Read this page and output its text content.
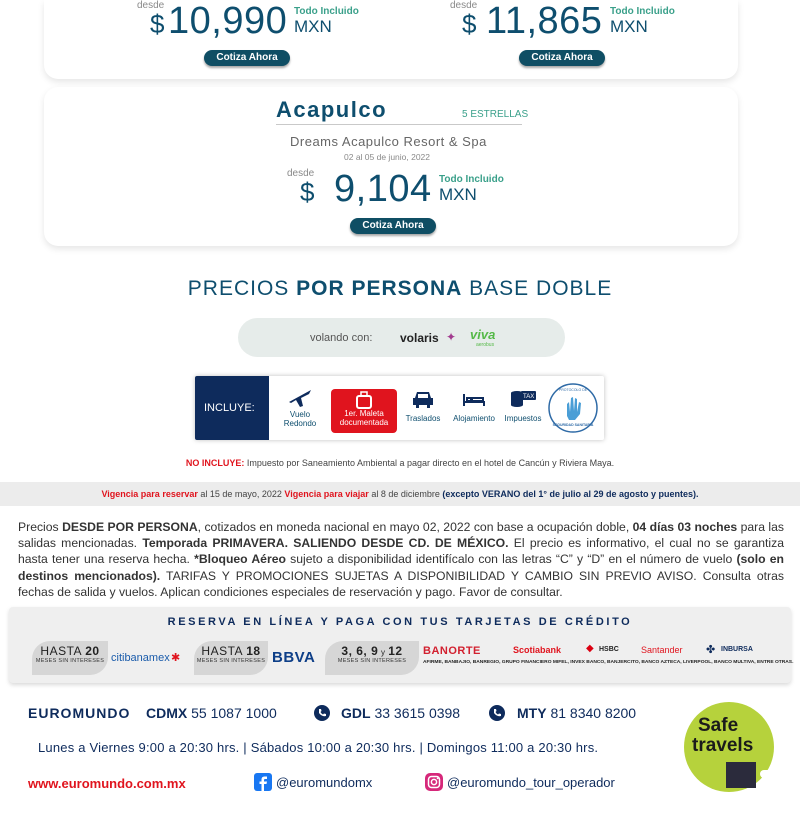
desde
$ 10,990 Todo Incluido
MXN
Cotiza Ahora
desde
$ 11,865 Todo Incluido
MXN
Cotiza Ahora
Acapulco	5 ESTRELLAS
Dreams Acapulco Resort & Spa
02 al 05 de junio, 2022
desde
$ 9,104 Todo Incluido
MXN
Cotiza Ahora
PRECIOS POR PERSONA BASE DOBLE
volando con: volaris ✦ viva
aerobus
INCLUYE:
Vuelo
Redondo
1er. Maleta
documentada	Traslados	Alojamiento
TAX
Impuestos
PROTOCOLO DE
SEGURIDAD SANITARIA
NO INCLUYE: Impuesto por Saneamiento Ambiental a pagar directo en el hotel de Cancún y Riviera Maya.
Vigencia para reservar al 15 de mayo, 2022 Vigencia para viajar al 8 de diciembre (excepto VERANO del 1° de julio al 29 de agosto y puentes).
Precios DESDE POR PERSONA, cotizados en moneda nacional en mayo 02, 2022 con base a ocupación doble, 04 días 03 noches para las salidas mencionadas. Temporada PRIMAVERA. SALIENDO DESDE CD. DE MÉXICO. El precio es informativo, el cual no se garantiza hasta tener una reserva hecha. *Bloqueo Aéreo sujeto a disponibilidad identifícalo con las letras “C” y “D” en el número de vuelo (solo en destinos mencionados). TARIFAS Y PROMOCIONES SUJETAS A DISPONIBILIDAD Y CAMBIO SIN PREVIO AVISO. Consulta otras fechas de salida y vuelos. Aplican condiciones especiales de reservación y pago. Favor de consultar.
RESERVA EN LÍNEA Y PAGA CON TUS TARJETAS DE CRÉDITO
HASTA 20
MESES SIN INTERESES citibanamex ✱	HASTA 18
MESES SIN INTERESES BBVA	3, 6, 9 y 12
MESES SIN INTERESES
BANORTE	Scotiabank ◆ HSBC Santander ✤ INBURSA
AFIRME, BANBAJIO, BANREGIO, GRUPO FINANCIERO MIFEL, INVEX BANCO, BANJERCITO, BANCO AZTECA, LIVERPOOL, BANCO MULTIVA, ENTRE OTRAS.
EUROMUNDO CDMX 55 1087 1000	GDL 33 3615 0398	MTY 81 8340 8200
Lunes a Viernes 9:00 a 20:30 hrs. | Sábados 10:00 a 20:30 hrs. | Domingos 11:00 a 20:30 hrs.
www.euromundo.com.mx	@euromundomx	@euromundo_tour_operador
Safe
travels
